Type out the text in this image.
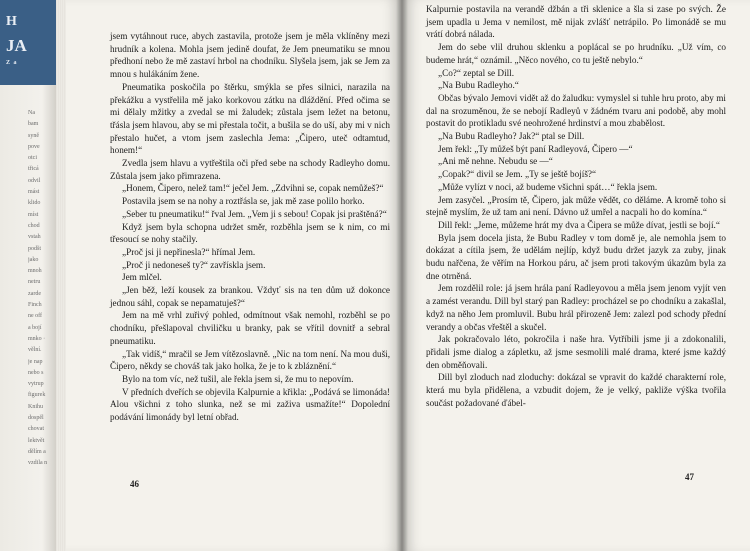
H
JA
Z a
Na
bam
syně
pove
otci
třicá
odvil
mást
klido
míst
chod
vstah
podšt
jako
mnoh
netru
zarde
Finch
ne off
a bojí
mnko ·
vělní.
je nap
nebo s
vytrup
figurek
Knihu
dospěl
chovat
lektvět
dělím a
vzdila n

jsem vytáhnout ruce, abych zastavila, protože jsem je měla vklíněny mezi hrudník a kolena. Mohla jsem jedině doufat, že Jem pneumatiku se mnou předhoní nebo že mě zastaví hrbol na chodníku. Slyšela jsem, jak se Jem za mnou s hulákáním žene.

Pneumatika poskočila po štěrku, smýkla se přes silnici, narazila na překážku a vystřelila mě jako korkovou zátku na dláždění. Před očima se mi dělaly mžitky a zvedal se mi žaludek; zůstala jsem ležet na betonu, třásla jsem hlavou, aby se mi přestala točit, a bušila se do uší, aby mi v nich přestalo hučet, a vtom jsem zaslechla Jema: „Čipero, uteč odtamtud, honem!“

Zvedla jsem hlavu a vytřeštila oči před sebe na schody Radleyho domu. Zůstala jsem jako přimrazena.

„Honem, Čipero, nelež tam!“ ječel Jem. „Zdvihni se, copak nemůžeš?“

Postavila jsem se na nohy a roztřásla se, jak mě zase polilo horko.

„Seber tu pneumatiku!“ řval Jem. „Vem ji s sebou! Copak jsi praštěná?“

Když jsem byla schopna udržet směr, rozběhla jsem se k nim, co mi třesoucí se nohy stačily.

„Proč jsi ji nepřinesla?“ hřímal Jem.

„Proč ji nedoneseš ty?“ zavřískla jsem.

Jem mlčel.

„Jen běž, leží kousek za brankou. Vždyť sis na ten dům už dokonce jednou sáhl, copak se nepamatuješ?“

Jem na mě vrhl zuřivý pohled, odmítnout však nemohl, rozběhl se po chodníku, přešlapoval chviličku u branky, pak se vřítil dovnitř a sebral pneumatiku.

„Tak vidíš,“ mračil se Jem vítězoslavně. „Nic na tom není. Na mou duši, Čipero, někdy se chováš tak jako holka, že je to k zbláznění.“

Bylo na tom víc, než tušil, ale řekla jsem si, že mu to nepovím.

V předních dveřích se objevila Kalpurnie a křikla: „Podává se limonáda! Alou všichni z toho slunka, než se mi zaživa usmažíte!“ Dopolední podávání limonády byl letní obřad.

46

Kalpurnie postavila na verandě džbán a tři sklenice a šla si zase po svých. Že jsem upadla u Jema v nemilost, mě nijak zvlášť netrápilo. Po limonádě se mu vrátí dobrá nálada.

Jem do sebe vlil druhou sklenku a poplácal se po hrudníku. „Už vím, co budeme hrát,“ oznámil. „Něco nového, co tu ještě nebylo.“

„Co?“ zeptal se Dill.

„Na Bubu Radleyho.“

Občas bývalo Jemovi vidět až do žaludku: vymyslel si tuhle hru proto, aby mi dal na srozuměnou, že se nebojí Radleyů v žádném tvaru ani podobě, aby mohl postavit do protikladu své neohrožené hrdinství a mou zbabělost.

„Na Bubu Radleyho? Jak?“ ptal se Dill.

Jem řekl: „Ty můžeš být paní Radleyová, Čipero —“

„Ani mě nehne. Nebudu se —“

„Copak?“ divil se Jem. „Ty se ještě bojíš?“

„Může vylízt v noci, až budeme všichni spát…“ řekla jsem.

Jem zasyčel. „Prosím tě, Čipero, jak může vědět, co děláme. A kromě toho si stejně myslím, že už tam ani není. Dávno už umřel a nacpali ho do komína.“

Dill řekl: „Jeme, můžeme hrát my dva a Čipera se může dívat, jestli se bojí.“

Byla jsem docela jista, že Bubu Radley v tom domě je, ale nemohla jsem to dokázat a cítila jsem, že udělám nejlíp, když budu držet jazyk za zuby, jinak budu nařčena, že věřím na Horkou páru, ač jsem proti takovým úkazům byla za dne otrněná.

Jem rozdělil role: já jsem hrála paní Radleyovou a měla jsem jenom vyjít ven a zamést verandu. Dill byl starý pan Radley: procházel se po chodníku a zakašlal, když na něho Jem promluvil. Bubu hrál přirozeně Jem: zalezl pod schody přední verandy a občas vřeštěl a skučel.

Jak pokračovalo léto, pokročila i naše hra. Vytříbili jsme ji a zdokonalili, přidali jsme dialog a zápletku, až jsme sesmolili malé drama, které jsme každý den obměňovali.

Dill byl zloduch nad zloduchy: dokázal se vpravit do každé charakterní role, která mu byla přidělena, a vzbudit dojem, že je velký, pakliže výška tvořila součást požadované ďábel-

47
